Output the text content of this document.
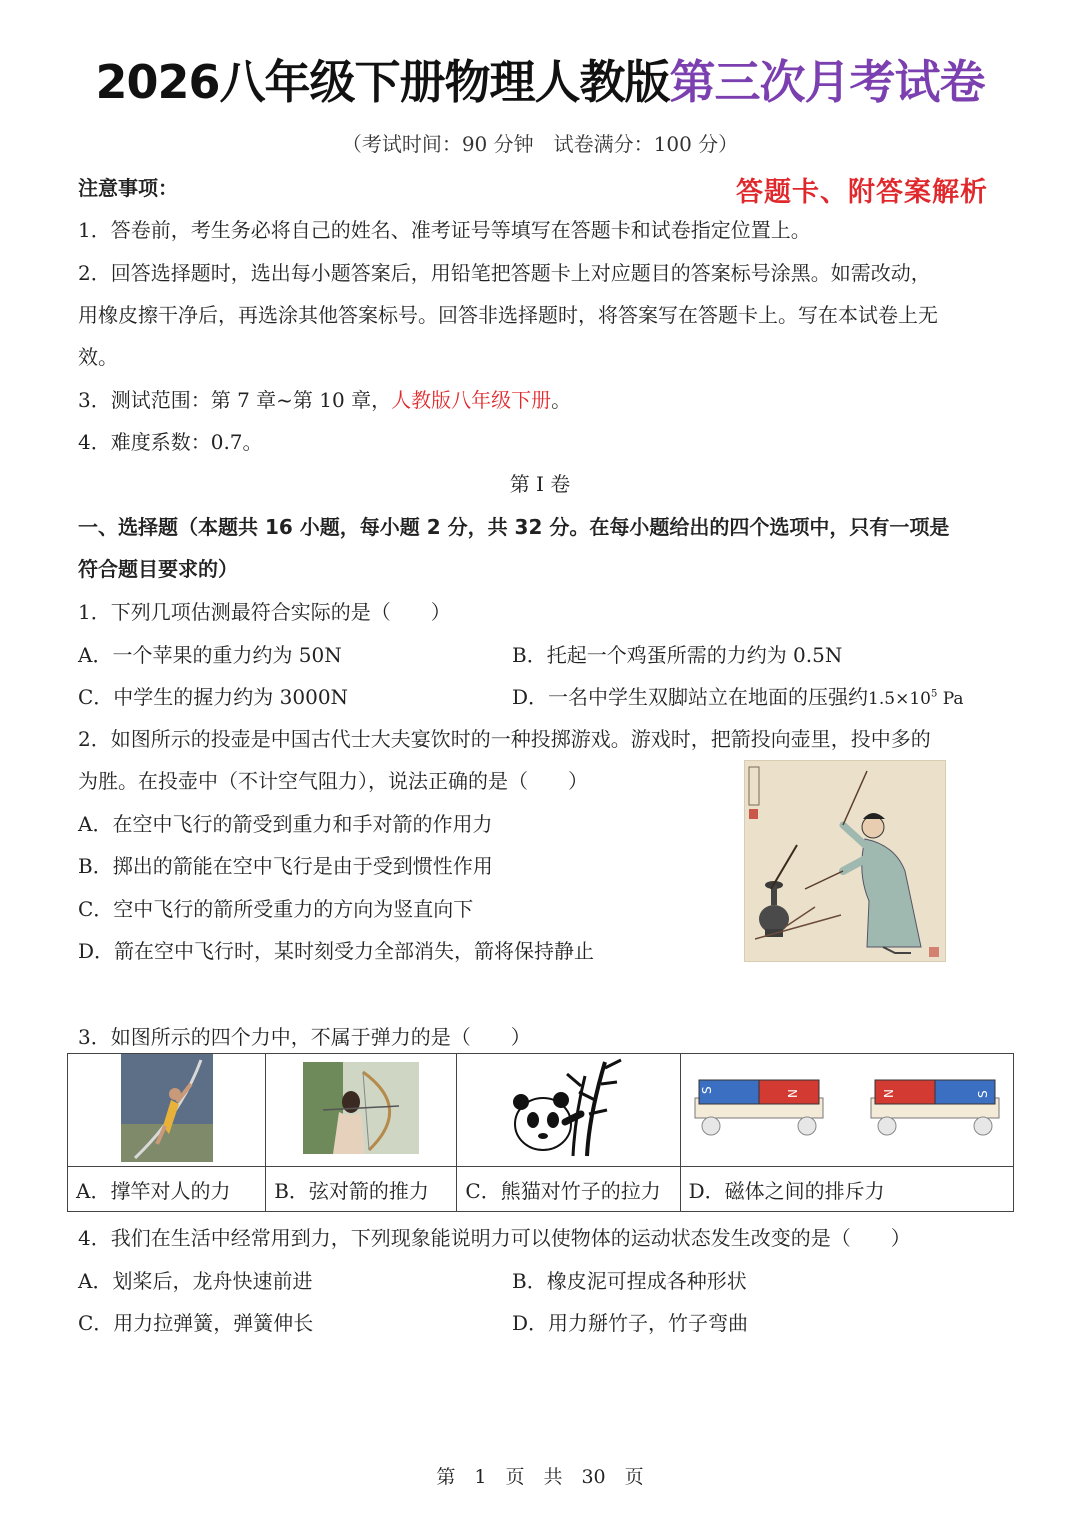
2026八年级下册物理人教版第三次月考试卷
（考试时间：90 分钟　试卷满分：100 分）
注意事项：	答题卡、附答案解析
1．答卷前，考生务必将自己的姓名、准考证号等填写在答题卡和试卷指定位置上。
2．回答选择题时，选出每小题答案后，用铅笔把答题卡上对应题目的答案标号涂黑。如需改动，
用橡皮擦干净后，再选涂其他答案标号。回答非选择题时，将答案写在答题卡上。写在本试卷上无
效。
3．测试范围：第 7 章~第 10 章，人教版八年级下册。
4．难度系数：0.7。
第 I 卷
一、选择题（本题共 16 小题，每小题 2 分，共 32 分。在每小题给出的四个选项中，只有一项是
符合题目要求的）
1．下列几项估测最符合实际的是（　　）
A．一个苹果的重力约为 50N	B．托起一个鸡蛋所需的力约为 0.5N
C．中学生的握力约为 3000N	D．一名中学生双脚站立在地面的压强约$1.5\times 10^5$ Pa
2．如图所示的投壶是中国古代士大夫宴饮时的一种投掷游戏。游戏时，把箭投向壶里，投中多的
为胜。在投壶中（不计空气阻力），说法正确的是（　　）
A．在空中飞行的箭受到重力和手对箭的作用力
B．掷出的箭能在空中飞行是由于受到惯性作用
C．空中飞行的箭所受重力的方向为竖直向下
D．箭在空中飞行时，某时刻受力全部消失，箭将保持静止
3．如图所示的四个力中，不属于弹力的是（　　）

S N N S

A．撑竿对人的力	B．弦对箭的推力	C．熊猫对竹子的拉力	D．磁体之间的排斥力
4．我们在生活中经常用到力，下列现象能说明力可以使物体的运动状态发生改变的是（　　）
A．划桨后，龙舟快速前进	B．橡皮泥可捏成各种形状
C．用力拉弹簧，弹簧伸长	D．用力掰竹子，竹子弯曲
第　1　页　共　30　页
